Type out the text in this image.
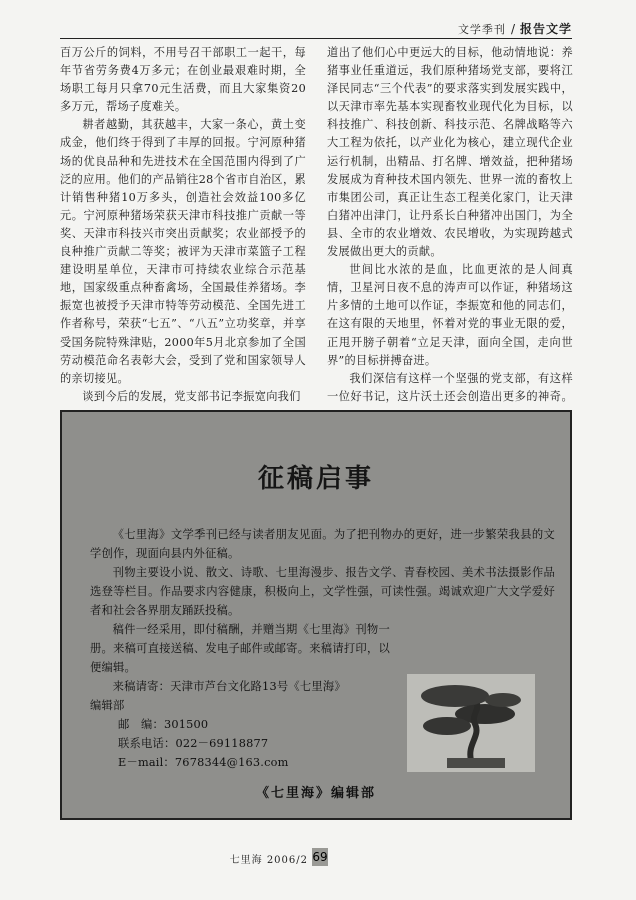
文学季刊 / 报告文学

百万公斤的饲料，不用号召干部职工一起干，每年节省劳务费4万多元；在创业最艰难时期，全场职工每月只拿70元生活费，而且大家集资20多万元，帮场子度难关。

耕者越勤，其获越丰，大家一条心，黄土变成金，他们终于得到了丰厚的回报。宁河原种猪场的优良品种和先进技术在全国范围内得到了广泛的应用。他们的产品销往28个省市自治区，累计销售种猪10万多头，创造社会效益100多亿元。宁河原种猪场荣获天津市科技推广贡献一等奖、天津市科技兴市突出贡献奖；农业部授予的良种推广贡献二等奖；被评为天津市菜篮子工程建设明星单位，天津市可持续农业综合示范基地，国家级重点种畜禽场，全国最佳养猪场。李振宽也被授予天津市特等劳动模范、全国先进工作者称号，荣获“七五”、“八五”立功奖章，并享受国务院特殊津贴，2000年5月北京参加了全国劳动模范命名表彰大会，受到了党和国家领导人的亲切接见。

谈到今后的发展，党支部书记李振宽向我们

道出了他们心中更远大的目标，他动情地说：养猪事业任重道远，我们原种猪场党支部，要将江泽民同志“三个代表”的要求落实到发展实践中，以天津市率先基本实现畜牧业现代化为目标，以科技推广、科技创新、科技示范、名牌战略等六大工程为依托，以产业化为核心，建立现代企业运行机制，出精品、打名牌、增效益，把种猪场发展成为育种技术国内领先、世界一流的畜牧上市集团公司，真正让生态工程美化家门，让天津白猪冲出津门，让丹系长白种猪冲出国门，为全县、全市的农业增效、农民增收，为实现跨越式发展做出更大的贡献。

世间比水浓的是血，比血更浓的是人间真情，卫星河日夜不息的涛声可以作证，种猪场这片多情的土地可以作证，李振宽和他的同志们，在这有限的天地里，怀着对党的事业无限的爱，正甩开膀子朝着“立足天津，面向全国，走向世界”的目标拼搏奋进。

我们深信有这样一个坚强的党支部，有这样一位好书记，这片沃土还会创造出更多的神奇。

征稿启事

《七里海》文学季刊已经与读者朋友见面。为了把刊物办的更好，进一步繁荣我县的文学创作，现面向县内外征稿。

刊物主要设小说、散文、诗歌、七里海漫步、报告文学、青春校园、美术书法摄影作品选登等栏目。作品要求内容健康，积极向上，文学性强，可读性强。竭诚欢迎广大文学爱好者和社会各界朋友踊跃投稿。

稿件一经采用，即付稿酬，并赠当期《七里海》刊物一册。来稿可直接送稿、发电子邮件或邮寄。来稿请打印，以便编辑。

来稿请寄：天津市芦台文化路13号《七里海》

编辑部

邮　编：301500

联系电话：022－69118877

E－mail：7678344@163.com

《七里海》编辑部
七里海 2006/2 69
